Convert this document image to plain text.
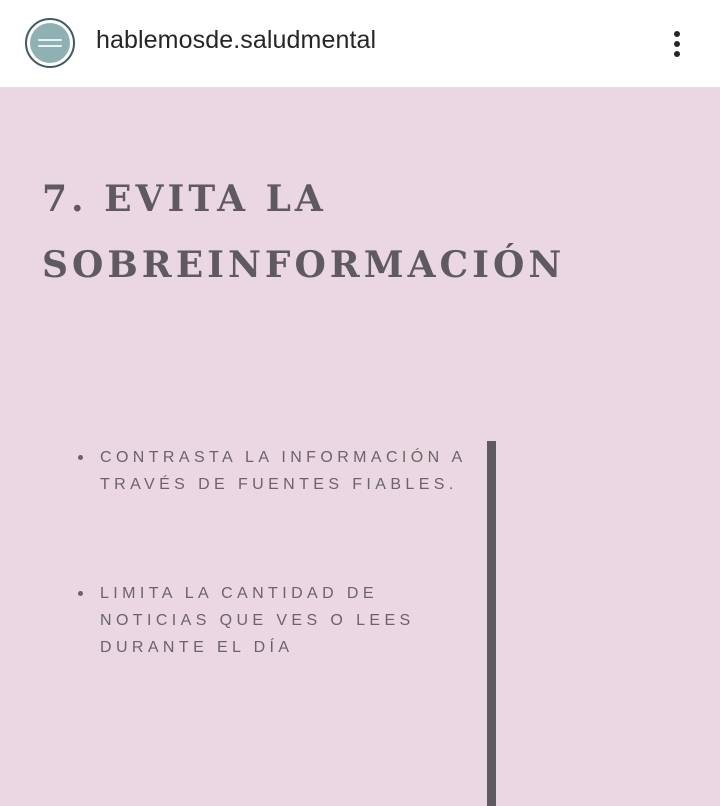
hablemosde.saludmental
7. EVITA LA SOBREINFORMACIÓN
CONTRASTA LA INFORMACIÓN A TRAVÉS DE FUENTES FIABLES.
LIMITA LA CANTIDAD DE NOTICIAS QUE VES O LEES DURANTE EL DÍA
